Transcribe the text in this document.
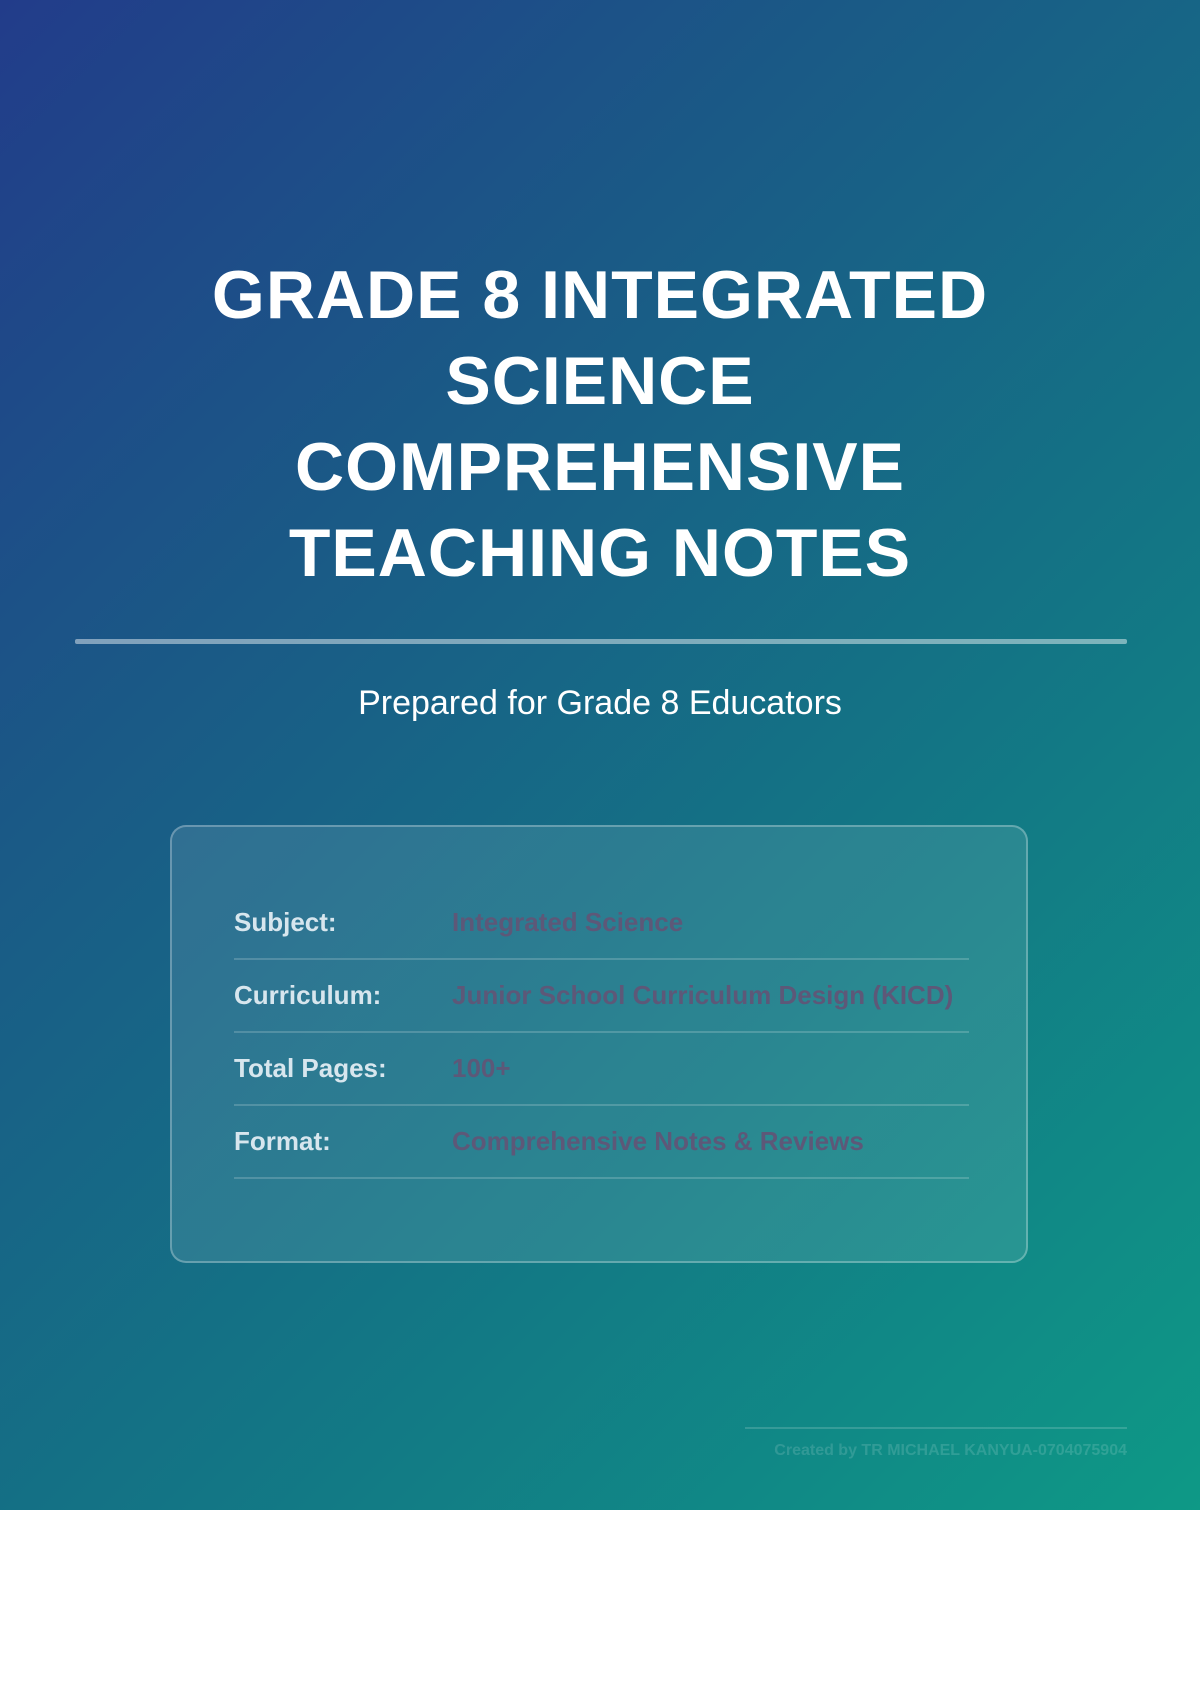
GRADE 8 INTEGRATED
SCIENCE
COMPREHENSIVE
TEACHING NOTES
Prepared for Grade 8 Educators
Subject:	Integrated Science
Curriculum:	Junior School Curriculum Design (KICD)
Total Pages:	100+
Format:	Comprehensive Notes & Reviews
Created by TR MICHAEL KANYUA-0704075904
